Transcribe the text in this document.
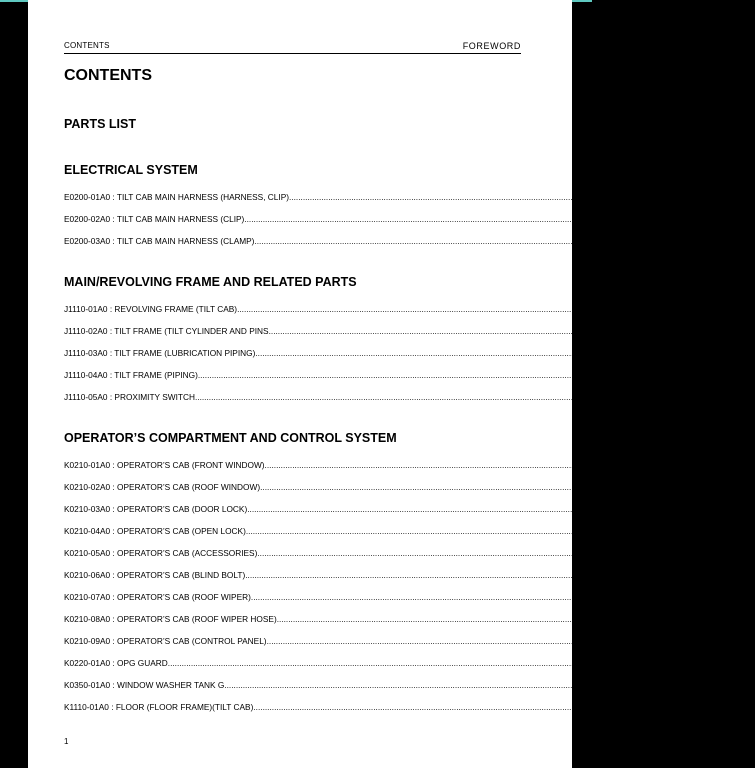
CONTENTS	FOREWORD
CONTENTS
PARTS LIST
ELECTRICAL SYSTEM
E0200-01A0 : TILT CAB MAIN HARNESS (HARNESS, CLIP) ........................................................................................................................................................................................................ 6
E0200-02A0 : TILT CAB MAIN HARNESS (CLIP) ........................................................................................................................................................................................................ 8
E0200-03A0 : TILT CAB MAIN HARNESS (CLAMP) ........................................................................................................................................................................................................ 10
MAIN/REVOLVING FRAME AND RELATED PARTS
J1110-01A0 : REVOLVING FRAME (TILT CAB) ........................................................................................................................................................................................................ 14
J1110-02A0 : TILT FRAME (TILT CYLINDER AND PINS ........................................................................................................................................................................................................ 16
J1110-03A0 : TILT FRAME (LUBRICATION PIPING) ........................................................................................................................................................................................................ 18
J1110-04A0 : TILT FRAME (PIPING) ........................................................................................................................................................................................................ 20
J1110-05A0 : PROXIMITY SWITCH ........................................................................................................................................................................................................ 24
OPERATOR’S COMPARTMENT AND CONTROL SYSTEM
K0210-01A0 : OPERATOR’S CAB (FRONT WINDOW) ........................................................................................................................................................................................................ 28
K0210-02A0 : OPERATOR’S CAB (ROOF WINDOW) ........................................................................................................................................................................................................ 32
K0210-03A0 : OPERATOR’S CAB (DOOR LOCK) ........................................................................................................................................................................................................ 34
K0210-04A0 : OPERATOR’S CAB (OPEN LOCK) ........................................................................................................................................................................................................ 36
K0210-05A0 : OPERATOR’S CAB (ACCESSORIES) ........................................................................................................................................................................................................ 38
K0210-06A0 : OPERATOR’S CAB (BLIND BOLT) ........................................................................................................................................................................................................ 40
K0210-07A0 : OPERATOR’S CAB (ROOF WIPER) ........................................................................................................................................................................................................ 42
K0210-08A0 : OPERATOR’S CAB (ROOF WIPER HOSE) ........................................................................................................................................................................................................ 44
K0210-09A0 : OPERATOR’S CAB (CONTROL PANEL) ........................................................................................................................................................................................................ 46
K0220-01A0 : OPG GUARD ........................................................................................................................................................................................................ 48
K0350-01A0 : WINDOW WASHER TANK G. ........................................................................................................................................................................................................ 50
K1110-01A0 : FLOOR (FLOOR FRAME)(TILT CAB) ........................................................................................................................................................................................................ 52
1
